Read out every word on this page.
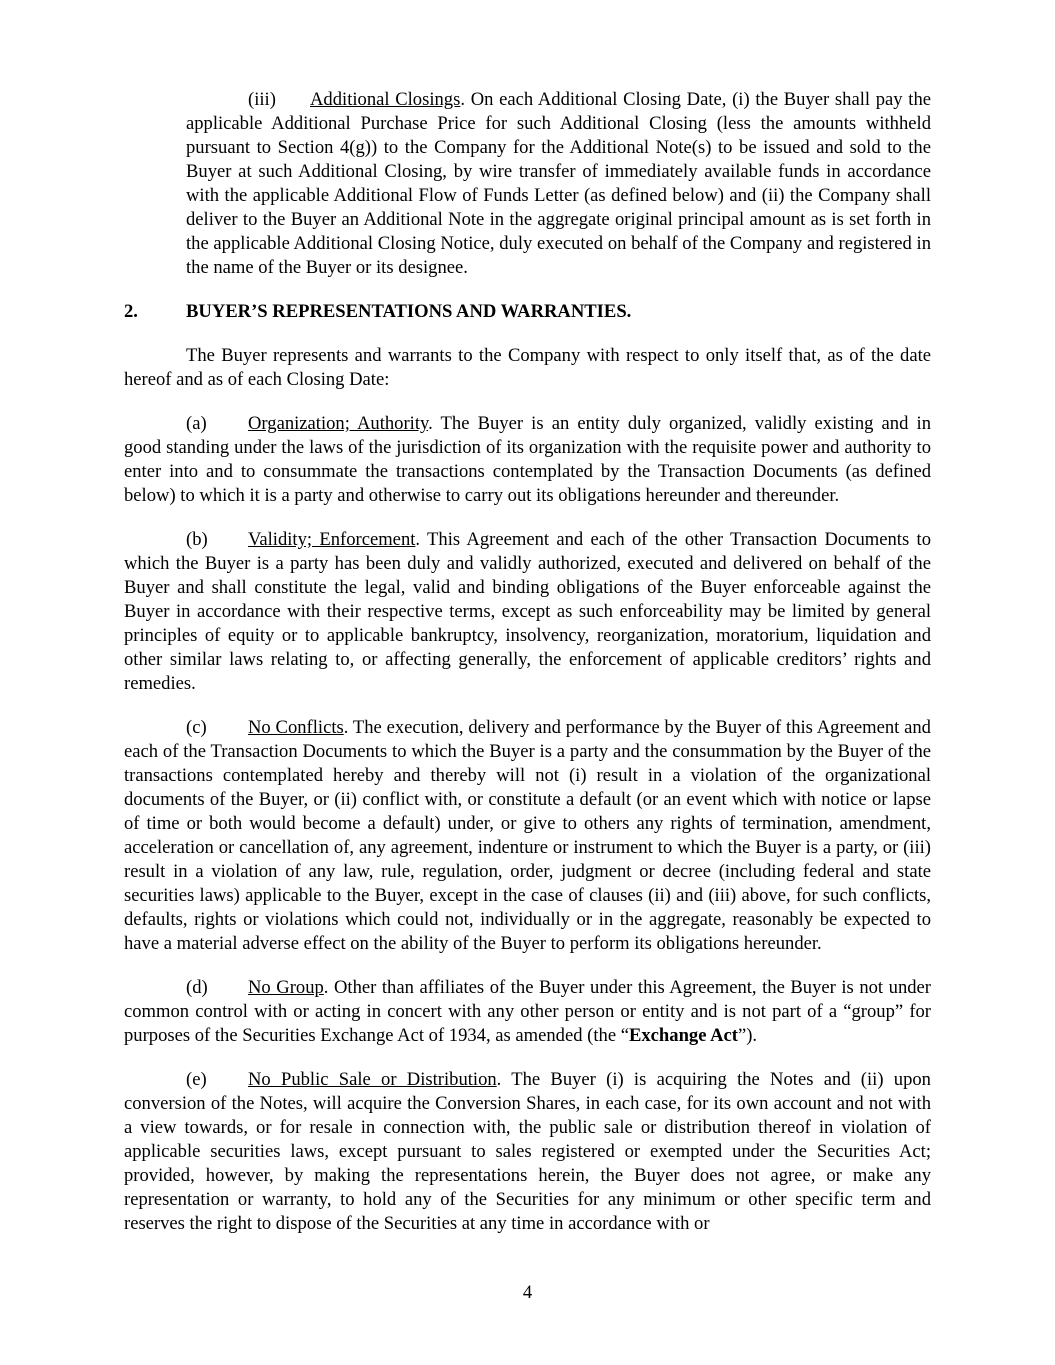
(iii) Additional Closings. On each Additional Closing Date, (i) the Buyer shall pay the applicable Additional Purchase Price for such Additional Closing (less the amounts withheld pursuant to Section 4(g)) to the Company for the Additional Note(s) to be issued and sold to the Buyer at such Additional Closing, by wire transfer of immediately available funds in accordance with the applicable Additional Flow of Funds Letter (as defined below) and (ii) the Company shall deliver to the Buyer an Additional Note in the aggregate original principal amount as is set forth in the applicable Additional Closing Notice, duly executed on behalf of the Company and registered in the name of the Buyer or its designee.

2.	BUYER’S REPRESENTATIONS AND WARRANTIES.

The Buyer represents and warrants to the Company with respect to only itself that, as of the date hereof and as of each Closing Date:

(a) Organization; Authority. The Buyer is an entity duly organized, validly existing and in good standing under the laws of the jurisdiction of its organization with the requisite power and authority to enter into and to consummate the transactions contemplated by the Transaction Documents (as defined below) to which it is a party and otherwise to carry out its obligations hereunder and thereunder.

(b) Validity; Enforcement. This Agreement and each of the other Transaction Documents to which the Buyer is a party has been duly and validly authorized, executed and delivered on behalf of the Buyer and shall constitute the legal, valid and binding obligations of the Buyer enforceable against the Buyer in accordance with their respective terms, except as such enforceability may be limited by general principles of equity or to applicable bankruptcy, insolvency, reorganization, moratorium, liquidation and other similar laws relating to, or affecting generally, the enforcement of applicable creditors’ rights and remedies.

(c) No Conflicts. The execution, delivery and performance by the Buyer of this Agreement and each of the Transaction Documents to which the Buyer is a party and the consummation by the Buyer of the transactions contemplated hereby and thereby will not (i) result in a violation of the organizational documents of the Buyer, or (ii) conflict with, or constitute a default (or an event which with notice or lapse of time or both would become a default) under, or give to others any rights of termination, amendment, acceleration or cancellation of, any agreement, indenture or instrument to which the Buyer is a party, or (iii) result in a violation of any law, rule, regulation, order, judgment or decree (including federal and state securities laws) applicable to the Buyer, except in the case of clauses (ii) and (iii) above, for such conflicts, defaults, rights or violations which could not, individually or in the aggregate, reasonably be expected to have a material adverse effect on the ability of the Buyer to perform its obligations hereunder.

(d) No Group. Other than affiliates of the Buyer under this Agreement, the Buyer is not under common control with or acting in concert with any other person or entity and is not part of a “group” for purposes of the Securities Exchange Act of 1934, as amended (the “Exchange Act”).

(e) No Public Sale or Distribution. The Buyer (i) is acquiring the Notes and (ii) upon conversion of the Notes, will acquire the Conversion Shares, in each case, for its own account and not with a view towards, or for resale in connection with, the public sale or distribution thereof in violation of applicable securities laws, except pursuant to sales registered or exempted under the Securities Act; provided, however, by making the representations herein, the Buyer does not agree, or make any representation or warranty, to hold any of the Securities for any minimum or other specific term and reserves the right to dispose of the Securities at any time in accordance with or

4
